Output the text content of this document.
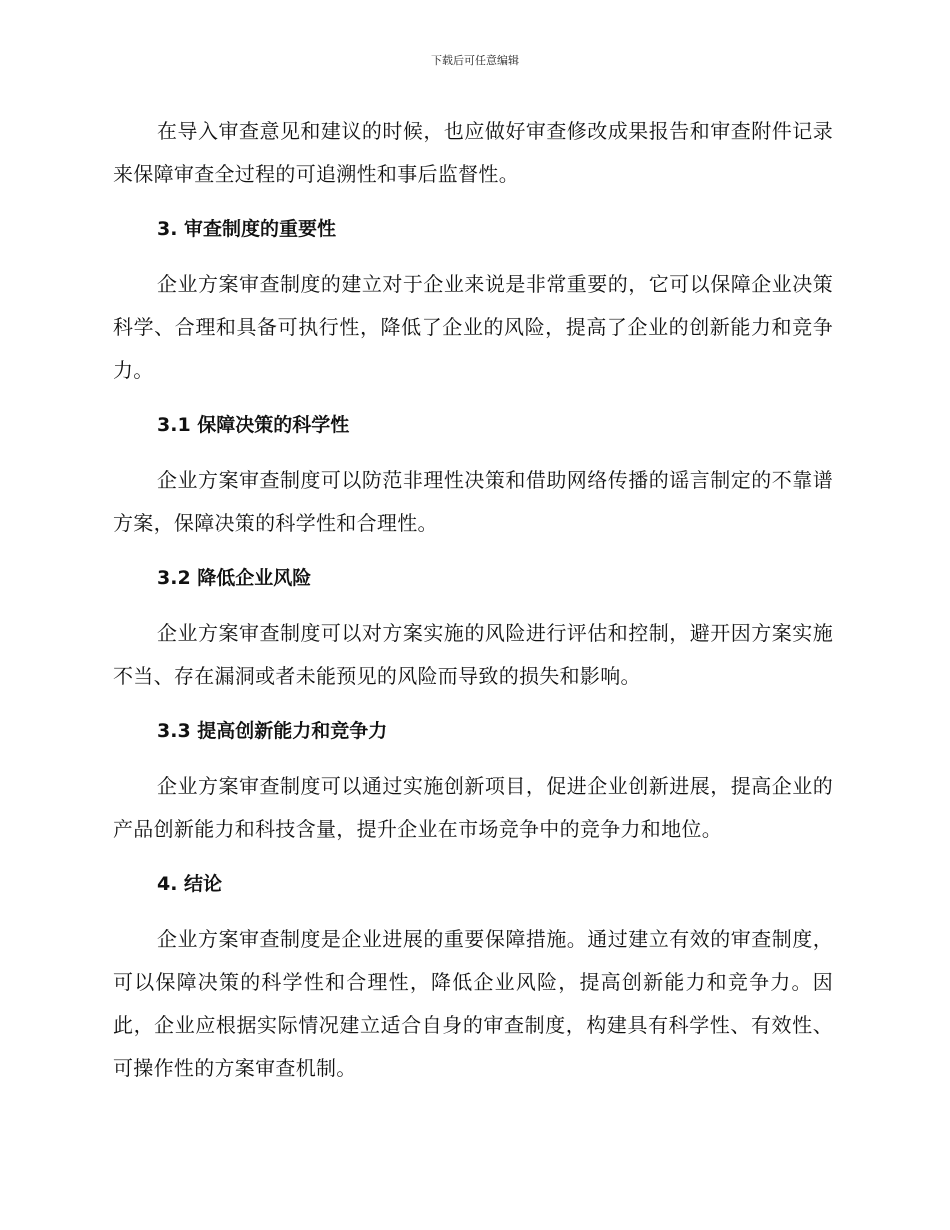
下载后可任意编辑

在导入审查意见和建议的时候，也应做好审查修改成果报告和审查附件记录来保障审查全过程的可追溯性和事后监督性。

3. 审查制度的重要性

企业方案审查制度的建立对于企业来说是非常重要的，它可以保障企业决策科学、合理和具备可执行性，降低了企业的风险，提高了企业的创新能力和竞争力。

3.1 保障决策的科学性

企业方案审查制度可以防范非理性决策和借助网络传播的谣言制定的不靠谱方案，保障决策的科学性和合理性。

3.2 降低企业风险

企业方案审查制度可以对方案实施的风险进行评估和控制，避开因方案实施不当、存在漏洞或者未能预见的风险而导致的损失和影响。

3.3 提高创新能力和竞争力

企业方案审查制度可以通过实施创新项目，促进企业创新进展，提高企业的产品创新能力和科技含量，提升企业在市场竞争中的竞争力和地位。

4. 结论

企业方案审查制度是企业进展的重要保障措施。通过建立有效的审查制度，可以保障决策的科学性和合理性，降低企业风险，提高创新能力和竞争力。因此，企业应根据实际情况建立适合自身的审查制度，构建具有科学性、有效性、可操作性的方案审查机制。
